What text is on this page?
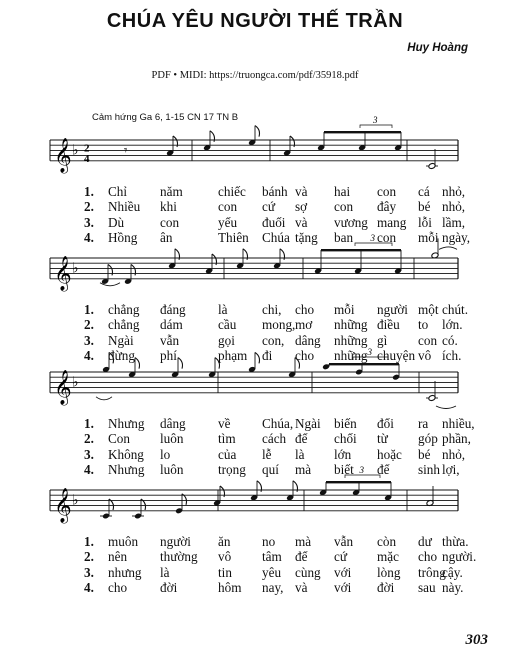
CHÚA YÊU NGƯỜI THẾ TRẦN
Huy Hoàng
PDF • MIDI: https://truongca.com/pdf/35918.pdf
Cảm hứng Ga 6, 1-15 CN 17 TN B
𝄞 ♭ 2
4
𝄾
3
1. Chỉ năm	chiếc bánh và hai con cá nhỏ,
2. Nhiều khi	con cứ sợ con đây bé nhỏ,
3. Dù	con	yếu đuối và vương mang lỗi lầm,
4. Hồng ân	Thiên Chúa tặng ban con mỗi ngày,
𝄞 ♭
3
1. chẳng đáng là	chi, cho mỗi người một chút.
2. chẳng dám	cầu mong, mơ những điều to lớn.
3. Ngài vẫn	gọi con, dâng những gì con có.
4. đừng phí	phạm đi cho những chuyện vô ích.
𝄞 ♭
3
1. Nhưng dâng về Chúa, Ngài biến đổi ra nhiều,
2. Con luôn	tìm cách để chối từ góp phần,
3. Không lo	của lễ là lớn hoặc bé nhỏ,
4. Nhưng luôn	trọng quí mà biết để sinh lợi,
𝄞 ♭
3
1. muôn người ăn no mà vẫn còn dư thừa.
2. nên thường vô tâm để cứ mặc cho người.
3. nhưng là	tin yêu cùng với lòng trông
cậy.
4. cho đời	hôm nay, và với đời sau này.
303
